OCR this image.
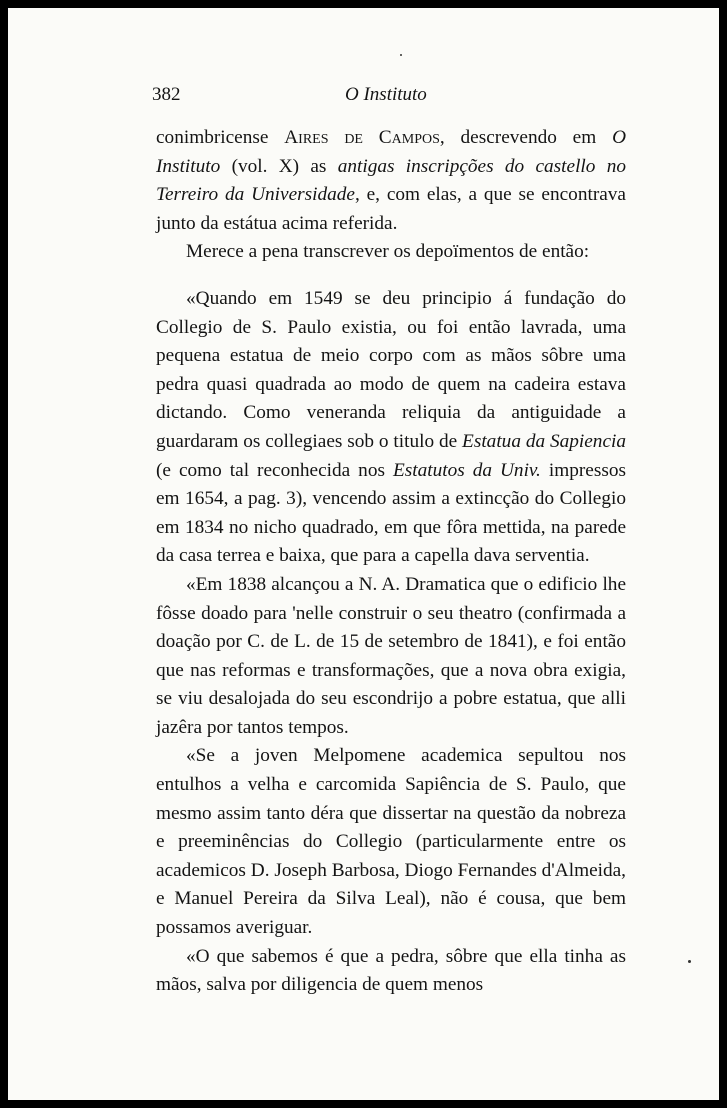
382	O Instituto

conimbricense Aires de Campos, descrevendo em O Instituto (vol. X) as antigas inscripções do castello no Terreiro da Universidade, e, com elas, a que se encontrava junto da estátua acima referida.

Merece a pena transcrever os depoïmentos de então:

«Quando em 1549 se deu principio á fundação do Collegio de S. Paulo existia, ou foi então lavrada, uma pequena estatua de meio corpo com as mãos sôbre uma pedra quasi quadrada ao modo de quem na cadeira estava dictando. Como veneranda reliquia da antiguidade a guardaram os collegiaes sob o titulo de Estatua da Sapiencia (e como tal reconhecida nos Estatutos da Univ. impressos em 1654, a pag. 3), vencendo assim a extincção do Collegio em 1834 no nicho quadrado, em que fôra mettida, na parede da casa terrea e baixa, que para a capella dava serventia.

«Em 1838 alcançou a N. A. Dramatica que o edificio lhe fôsse doado para 'nelle construir o seu theatro (confirmada a doação por C. de L. de 15 de setembro de 1841), e foi então que nas reformas e transformações, que a nova obra exigia, se viu desalojada do seu escondrijo a pobre estatua, que alli jazêra por tantos tempos.

«Se a joven Melpomene academica sepultou nos entulhos a velha e carcomida Sapiência de S. Paulo, que mesmo assim tanto déra que dissertar na questão da nobreza e preeminências do Collegio (particularmente entre os academicos D. Joseph Barbosa, Diogo Fernandes d'Almeida, e Manuel Pereira da Silva Leal), não é cousa, que bem possamos averiguar.

«O que sabemos é que a pedra, sôbre que ella tinha as mãos, salva por diligencia de quem menos
